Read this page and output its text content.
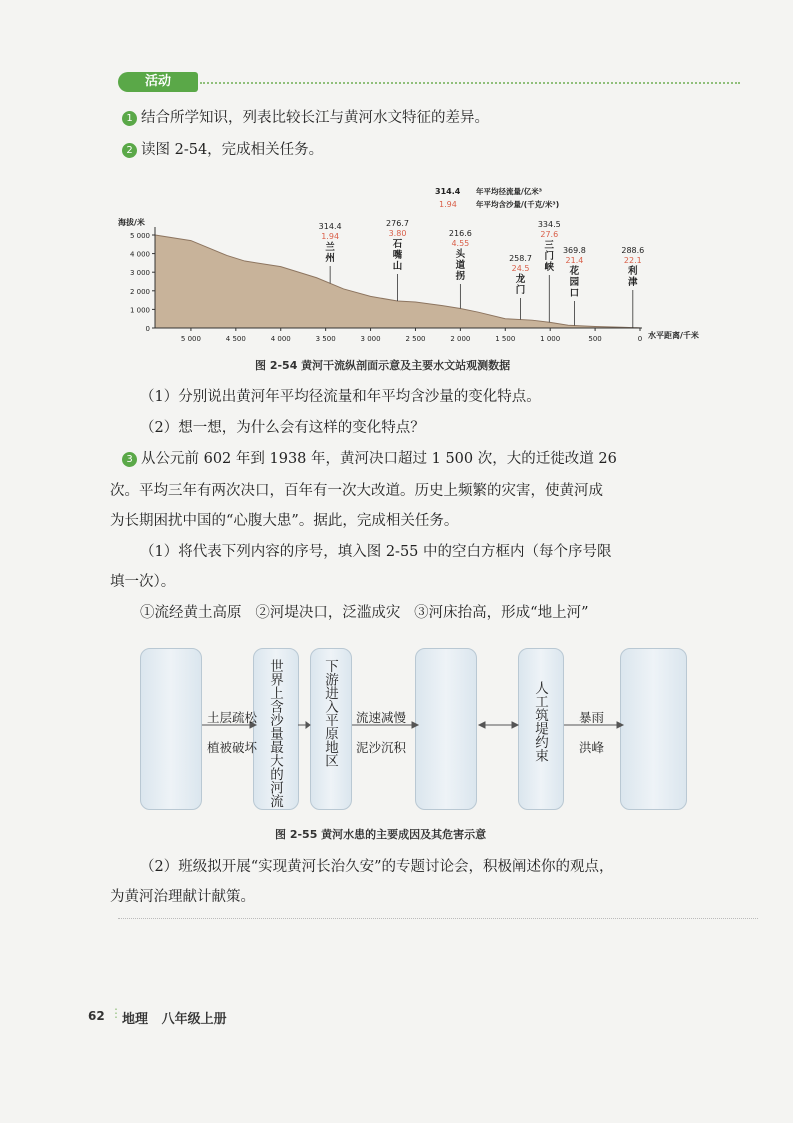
活动
1 结合所学知识，列表比较长江与黄河水文特征的差异。
2 读图 2-54，完成相关任务。
海拔/米
水平距离/千米
0
1 000
2 000
3 000
4 000
5 000
5 000	4 500	4 000	3 500	3 000	2 500	2 000	1 500	1 000	500	0
314.4 年平均径流量/亿米³
1.94	年平均含沙量/(千克/米³)
314.4
1.94
兰
州
276.7
3.80
石
嘴
山
216.6
4.55
头
道
拐
258.7
24.5
龙
门
334.5
27.6
三
门
峡
369.8
21.4
花
园
口
288.6
22.1
利
津
图 2-54 黄河干流纵剖面示意及主要水文站观测数据
（1）分别说出黄河年平均径流量和年平均含沙量的变化特点。
（2）想一想，为什么会有这样的变化特点？
3 从公元前 602 年到 1938 年，黄河决口超过 1 500 次，大的迁徙改道 26
次。平均三年有两次决口，百年有一次大改道。历史上频繁的灾害，使黄河成
为长期困扰中国的“心腹大患”。据此，完成相关任务。
（1）将代表下列内容的序号，填入图 2-55 中的空白方框内（每个序号限
填一次）。
①流经黄土高原   ②河堤决口，泛滥成灾   ③河床抬高，形成“地上河”
世界上含沙量最大的河流	下游进入平原地区	人工筑堤约束
土层疏松
植被破坏
流速减慢
泥沙沉积
暴雨
洪峰
图 2-55 黄河水患的主要成因及其危害示意
（2）班级拟开展“实现黄河长治久安”的专题讨论会，积极阐述你的观点，
为黄河治理献计献策。
62 ⋮ 地理   八年级上册
